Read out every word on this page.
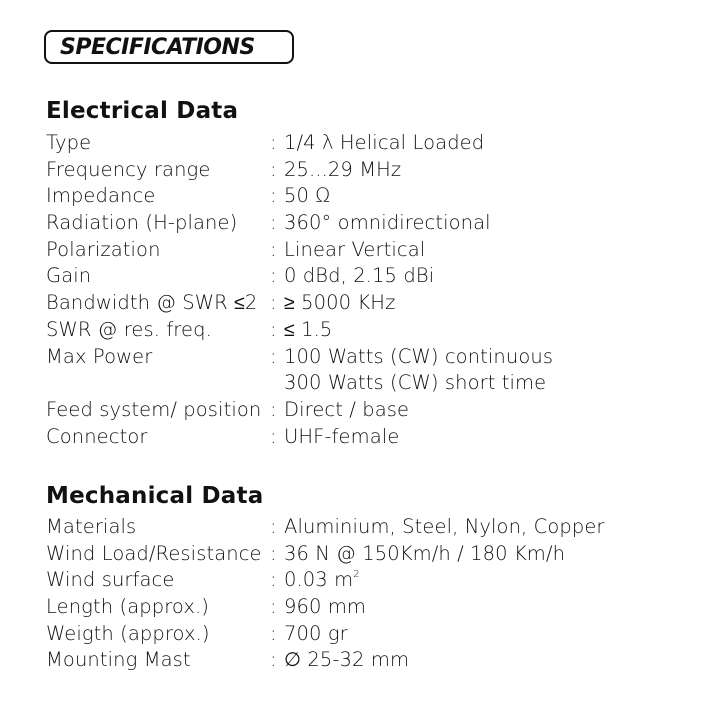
SPECIFICATIONS
Electrical Data
Type	: 1/4 λ Helical Loaded
Frequency range	: 25...29 MHz
Impedance	: 50 Ω
Radiation (H-plane) : 360° omnidirectional
Polarization	: Linear Vertical
Gain	: 0 dBd, 2.15 dBi
Bandwidth @ SWR ≤2 : ≥ 5000 KHz
SWR @ res. freq.	: ≤ 1.5
Max Power	: 100 Watts (CW) continuous
300 Watts (CW) short time
Feed system/ position : Direct / base
Connector	: UHF-female
Mechanical Data
Materials	: Aluminium, Steel, Nylon, Copper
Wind Load/Resistance : 36 N @ 150Km/h / 180 Km/h
Wind surface	: 0.03 $m^2$
Length (approx.)	: 960 mm
Weigth (approx.)	: 700 gr
Mounting Mast	: ∅ 25-32 mm
